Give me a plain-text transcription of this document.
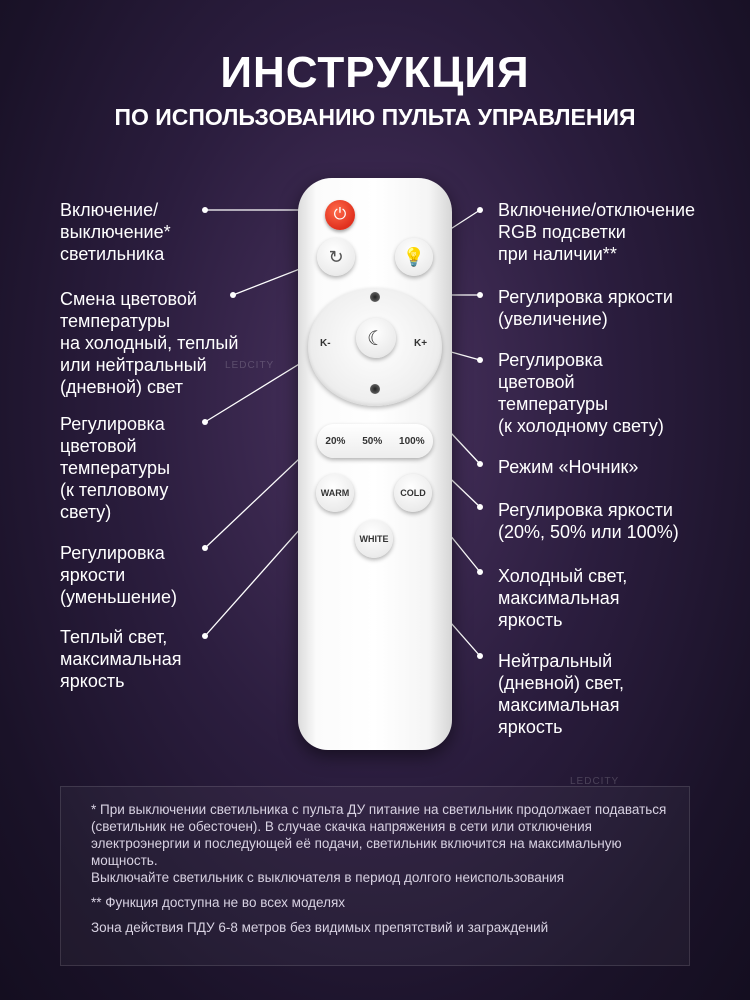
ИНСТРУКЦИЯ
ПО ИСПОЛЬЗОВАНИЮ ПУЛЬТА УПРАВЛЕНИЯ
Включение/
выключение*
светильника
Смена цветовой
температуры
на холодный, теплый
или нейтральный
(дневной) свет
Регулировка
цветовой
температуры
(к тепловому
свету)
Регулировка
яркости
(уменьшение)
Теплый свет,
максимальная
яркость
Включение/отключение
RGB подсветки
при наличии**
Регулировка яркости
(увеличение)
Регулировка
цветовой
температуры
(к холодному свету)
Режим «Ночник»
Регулировка яркости
(20%, 50% или 100%)
Холодный свет,
максимальная
яркость
Нейтральный
(дневной) свет,
максимальная
яркость
⏻
↻	💡
K-	K+
☾
20% 50% 100%
WARM	COLD
WHITE
LEDCITY
LEDCITY

* При выключении светильника с пульта ДУ питание на светильник продолжает подаваться (светильник не обесточен). В случае скачка напряжения в сети или отключения электроэнергии и последующей её подачи, светильник включится на максимальную мощность.
Выключайте светильник с выключателя в период долгого неиспользования

** Функция доступна не во всех моделях

Зона действия ПДУ 6-8 метров без видимых препятствий и заграждений
